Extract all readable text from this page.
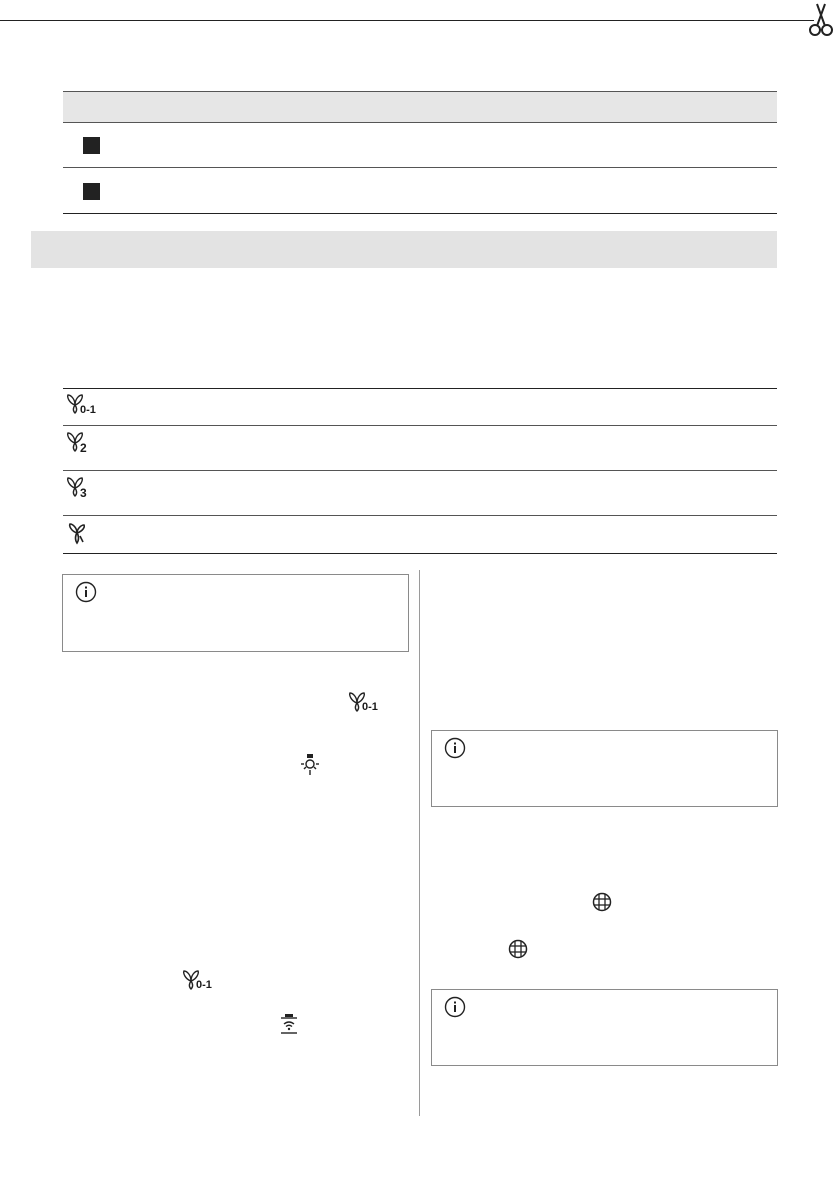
0-1
2
3
0-1
0-1
